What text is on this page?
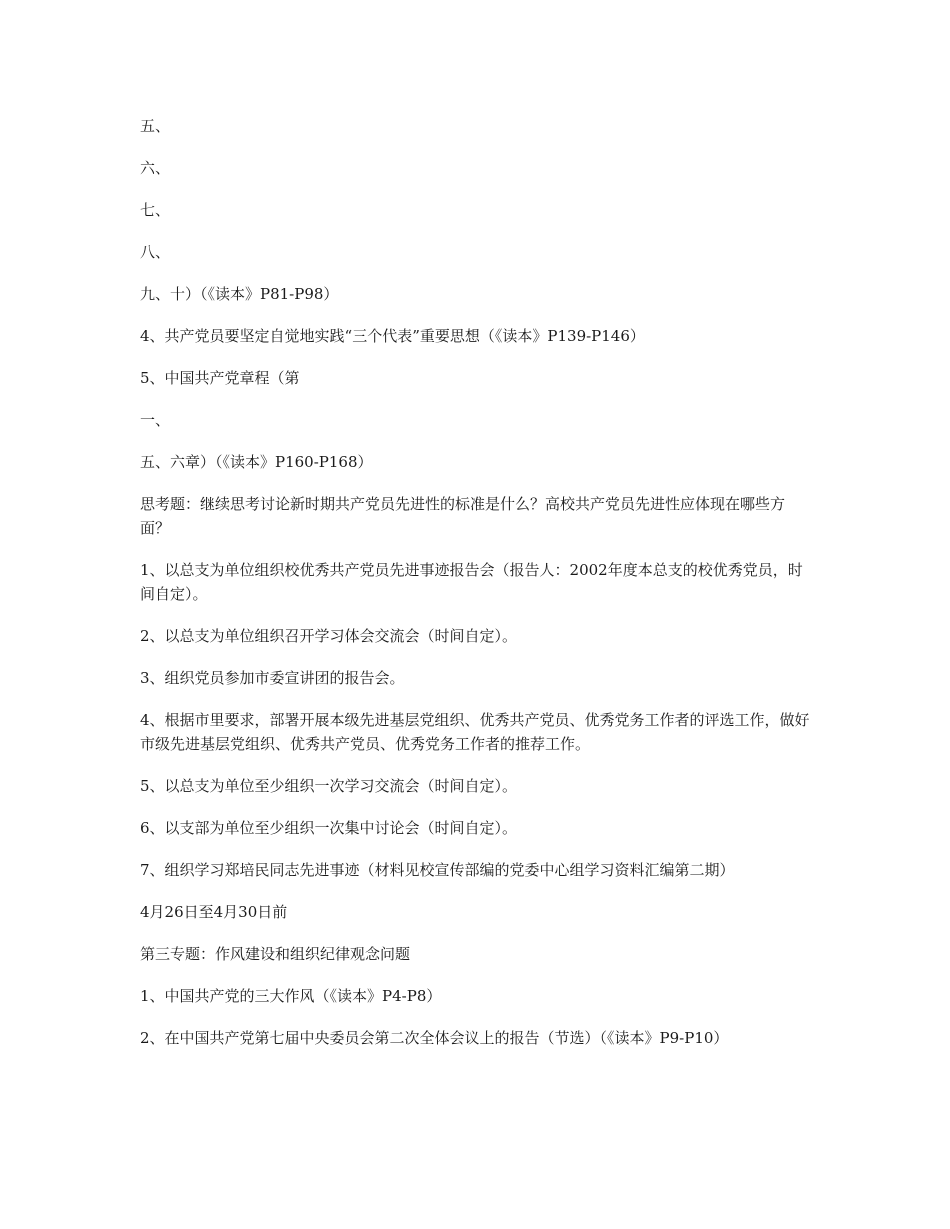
五、

六、

七、

八、

九、十）（《读本》P81-P98）

4、共产党员要坚定自觉地实践“三个代表”重要思想（《读本》P139-P146）

5、中国共产党章程（第

一、

五、六章）（《读本》P160-P168）

思考题：继续思考讨论新时期共产党员先进性的标准是什么？高校共产党员先进性应体现在哪些方面？

1、以总支为单位组织校优秀共产党员先进事迹报告会（报告人：2002年度本总支的校优秀党员，时间自定）。

2、以总支为单位组织召开学习体会交流会（时间自定）。

3、组织党员参加市委宣讲团的报告会。

4、根据市里要求，部署开展本级先进基层党组织、优秀共产党员、优秀党务工作者的评选工作，做好市级先进基层党组织、优秀共产党员、优秀党务工作者的推荐工作。

5、以总支为单位至少组织一次学习交流会（时间自定）。

6、以支部为单位至少组织一次集中讨论会（时间自定）。

7、组织学习郑培民同志先进事迹（材料见校宣传部编的党委中心组学习资料汇编第二期）

4月26日至4月30日前

第三专题：作风建设和组织纪律观念问题

1、中国共产党的三大作风（《读本》P4-P8）

2、在中国共产党第七届中央委员会第二次全体会议上的报告（节选）（《读本》P9-P10）
